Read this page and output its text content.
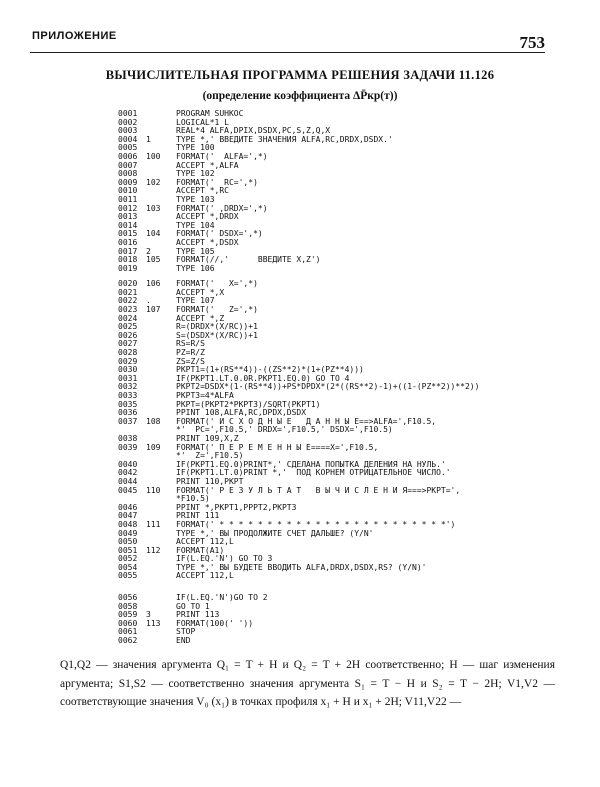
ПРИЛОЖЕНИЕ	753
ВЫЧИСЛИТЕЛЬНАЯ ПРОГРАММА РЕШЕНИЯ ЗАДАЧИ 11.126
(определение коэффициента ΔP̄кр(т))
0001	PROGRAM SUHKOC
0002	LOGICAL*1 L
0003	REAL*4 ALFA,DPIX,DSDX,PC,S,Z,Q,X
0004	1	TYPE *,' ВВЕДИТЕ ЗНАЧЕНИЯ ALFA,RC,DRDX,DSDX.'
0005	TYPE 100
0006	100	FORMAT('  ALFA=',*)
0007	ACCEPT *,ALFA
0008	TYPE 102
0009	102	FORMAT('  RC=',*)
0010	ACCEPT *,RC
0011	TYPE 103
0012	103	FORMAT(' ,DRDX=',*)
0013	ACCEPT *,DRDX
0014	TYPE 104
0015	104	FORMAT(' DSDX=',*)
0016	ACCEPT *,DSDX
0017	2	TYPE 105
0018	105	FORMAT(//,'      ВВЕДИТЕ X,Z')
0019	TYPE 106
0020	106	FORMAT('   X=',*)
0021	ACCEPT *,X
0022	.	TYPE 107
0023	107	FORMAT('   Z=',*)
0024	ACCEPT *,Z
0025	R=(DRDX*(X/RC))+1
0026	S=(DSDX*(X/RC))+1
0027	RS=R/S
0028	PZ=R/Z
0029	ZS=Z/S
0030	PKPT1=(1+(RS**4))-((ZS**2)*(1+(PZ**4)))
0031	IF(PKPT1.LT.0.0R.PKPT1.EQ.0) GO TO 4
0032	PKPT2=DSDX*(1-(RS**4))+PS*DPDX*(2*((RS**2)-1)+((1-(PZ**2))**2))
0033	PKPT3=4*ALFA
0035	PKPT=(PKPT2*PKPT3)/SQRT(PKPT1)
0036	PPINT 108,ALFA,RC,DPDX,DSDX
0037	108	FORMAT(' И С Х О Д Н Ы Е   Д А Н Н Ы Е==>ALFA=',F10.5,
*'  PC=',F10.5,' DRDX=',F10.5,' DSDX=',F10.5)
0038	PRINT 109,X,Z
0039	109	FORMAT(' П Е Р Е М Е Н Н Ы Е====X=',F10.5,
*'  Z=',F10.5)
0040	IF(PKPT1.EQ.0)PRINT*,' СДЕЛАНА ПОПЫТКА ДЕЛЕНИЯ НА НУЛЬ.'
0042	IF(PKPT1.LT.0)PRINT *,'  ПОД КОРНЕМ ОТРИЦАТЕЛЬНОЕ ЧИСЛО.'
0044	PRINT 110,PKPT
0045	110	FORMAT(' Р Е З У Л Ь Т А Т   В Ы Ч И С Л Е Н И Я===>PKPT=',
*F10.5)
0046	PPINT *,PKPT1,PPPT2,PKPT3
0047	PRINT 111
0048	111	FORMAT(' * * * * * * * * * * * * * * * * * * * * * * * *')
0049	TYPE *,' ВЫ ПРОДОЛЖИТЕ СЧЕТ ДАЛЬШЕ? (Y/N'
0050	ACCEPT 112,L
0051	112	FORMAT(A1)
0052	IF(L.EQ.'N') GO TO 3
0054	TYPE *,' ВЫ БУДЕТЕ ВВОДИТЬ ALFA,DRDX,DSDX,RS? (Y/N)'
0055	ACCEPT 112,L
0056	IF(L.EQ.'N')GO TO 2
0058	GO TO 1
0059	3	PRINT 113
0060	113	FORMAT(100(' '))
0061	STOP
0062	END

Q1,Q2 — значения аргумента Q₁ = T + H и Q₂ = T + 2H соответственно; H — шаг изменения аргумента; S1,S2 — соответственно значения аргумента S₁ = T − H и S₂ = T − 2H; V1,V2 — соответствующие значения V₀ (x₁) в точках профиля x₁ + H и x₁ + 2H; V11,V22 —
